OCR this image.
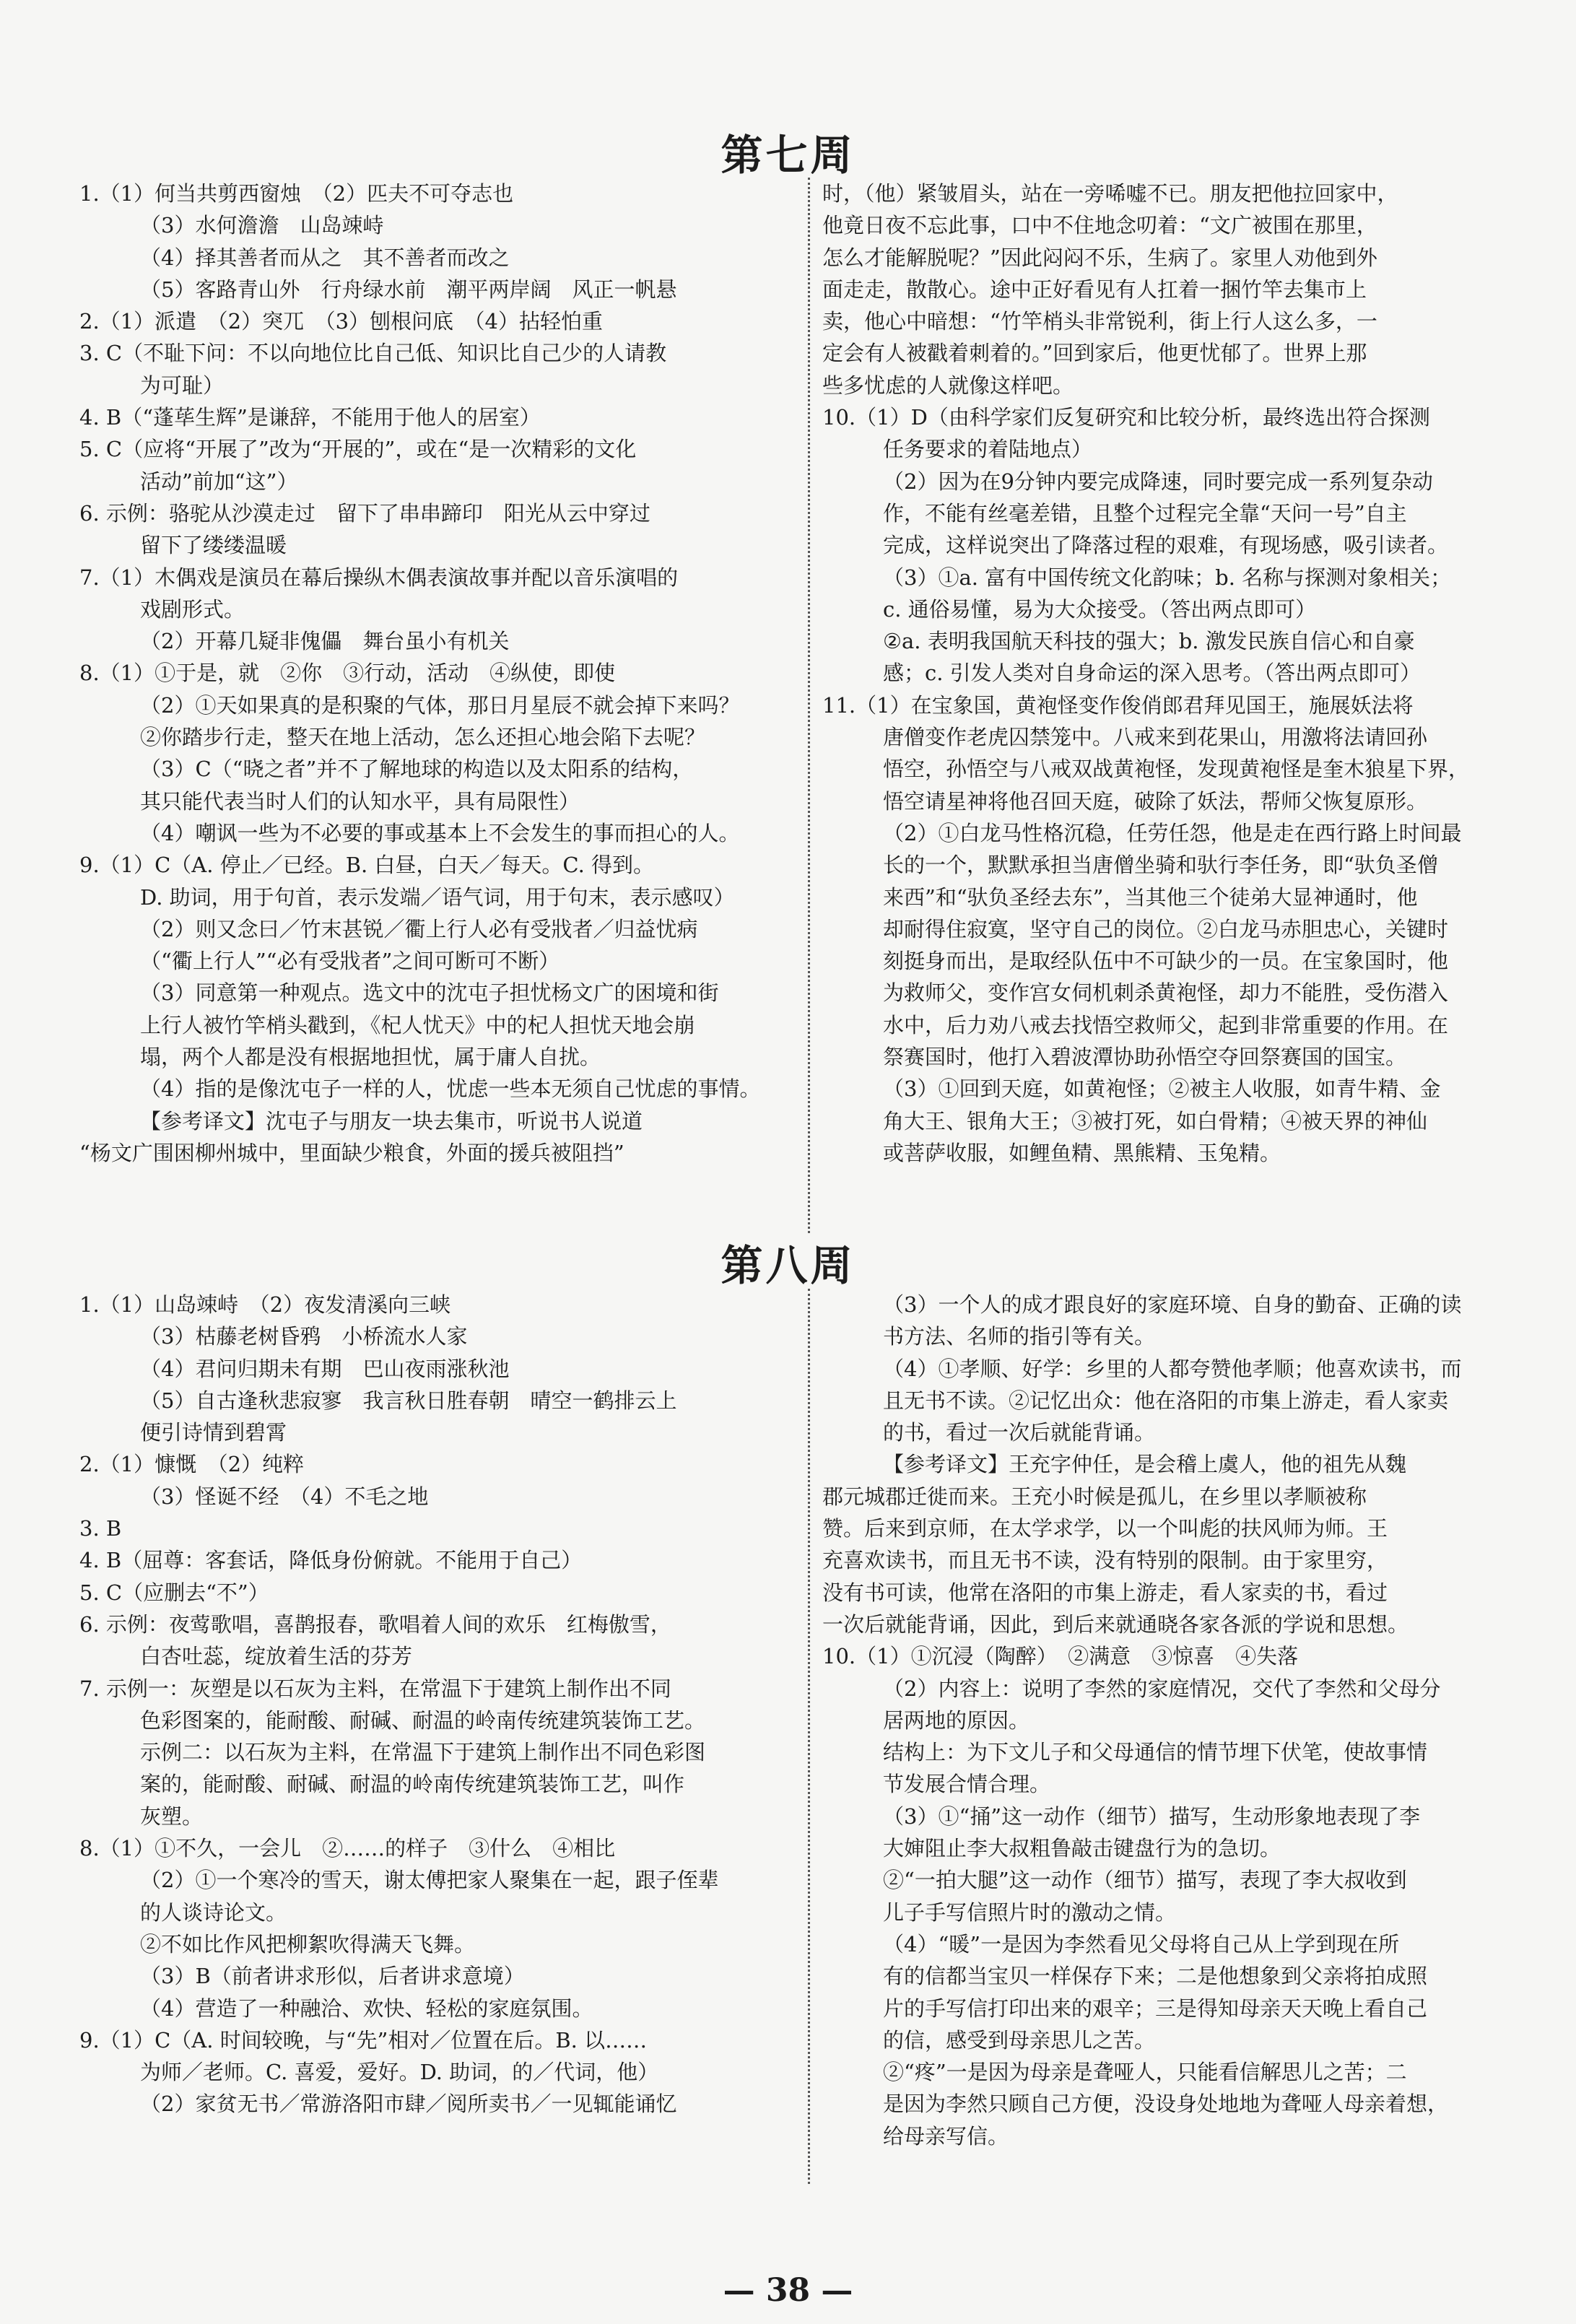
第七周
1.（1）何当共剪西窗烛　（2）匹夫不可夺志也
（3）水何澹澹　山岛竦峙
（4）择其善者而从之　其不善者而改之
（5）客路青山外　行舟绿水前　潮平两岸阔　风正一帆悬
2.（1）派遣　（2）突兀　（3）刨根问底　（4）拈轻怕重
3. C（不耻下问：不以向地位比自己低、知识比自己少的人请教
为可耻）
4. B（“蓬荜生辉”是谦辞，不能用于他人的居室）
5. C（应将“开展了”改为“开展的”，或在“是一次精彩的文化
活动”前加“这”）
6. 示例：骆驼从沙漠走过　留下了串串蹄印　阳光从云中穿过
留下了缕缕温暖
7.（1）木偶戏是演员在幕后操纵木偶表演故事并配以音乐演唱的
戏剧形式。
（2）开幕几疑非傀儡　舞台虽小有机关
8.（1）①于是，就　②你　③行动，活动　④纵使，即使
（2）①天如果真的是积聚的气体，那日月星辰不就会掉下来吗？
②你踏步行走，整天在地上活动，怎么还担心地会陷下去呢？
（3）C（“晓之者”并不了解地球的构造以及太阳系的结构，
其只能代表当时人们的认知水平，具有局限性）
（4）嘲讽一些为不必要的事或基本上不会发生的事而担心的人。
9.（1）C（A. 停止／已经。B. 白昼，白天／每天。C. 得到。
D. 助词，用于句首，表示发端／语气词，用于句末，表示感叹）
（2）则又念曰／竹末甚锐／衢上行人必有受戕者／归益忧病
（“衢上行人”“必有受戕者”之间可断可不断）
（3）同意第一种观点。选文中的沈屯子担忧杨文广的困境和街
上行人被竹竿梢头戳到，《杞人忧天》中的杞人担忧天地会崩
塌，两个人都是没有根据地担忧，属于庸人自扰。
（4）指的是像沈屯子一样的人，忧虑一些本无须自己忧虑的事情。
【参考译文】沈屯子与朋友一块去集市，听说书人说道
“杨文广围困柳州城中，里面缺少粮食，外面的援兵被阻挡”
时，（他）紧皱眉头，站在一旁唏嘘不已。朋友把他拉回家中，
他竟日夜不忘此事，口中不住地念叨着：“文广被围在那里，
怎么才能解脱呢？”因此闷闷不乐，生病了。家里人劝他到外
面走走，散散心。途中正好看见有人扛着一捆竹竿去集市上
卖，他心中暗想：“竹竿梢头非常锐利，街上行人这么多，一
定会有人被戳着刺着的。”回到家后，他更忧郁了。世界上那
些多忧虑的人就像这样吧。
10.（1）D（由科学家们反复研究和比较分析，最终选出符合探测
任务要求的着陆地点）
（2）因为在9分钟内要完成降速，同时要完成一系列复杂动
作，不能有丝毫差错，且整个过程完全靠“天问一号”自主
完成，这样说突出了降落过程的艰难，有现场感，吸引读者。
（3）①a. 富有中国传统文化韵味；b. 名称与探测对象相关；
c. 通俗易懂，易为大众接受。（答出两点即可）
②a. 表明我国航天科技的强大；b. 激发民族自信心和自豪
感；c. 引发人类对自身命运的深入思考。（答出两点即可）
11.（1）在宝象国，黄袍怪变作俊俏郎君拜见国王，施展妖法将
唐僧变作老虎囚禁笼中。八戒来到花果山，用激将法请回孙
悟空，孙悟空与八戒双战黄袍怪，发现黄袍怪是奎木狼星下界，
悟空请星神将他召回天庭，破除了妖法，帮师父恢复原形。
（2）①白龙马性格沉稳，任劳任怨，他是走在西行路上时间最
长的一个，默默承担当唐僧坐骑和驮行李任务，即“驮负圣僧
来西”和“驮负圣经去东”，当其他三个徒弟大显神通时，他
却耐得住寂寞，坚守自己的岗位。②白龙马赤胆忠心，关键时
刻挺身而出，是取经队伍中不可缺少的一员。在宝象国时，他
为救师父，变作宫女伺机刺杀黄袍怪，却力不能胜，受伤潜入
水中，后力劝八戒去找悟空救师父，起到非常重要的作用。在
祭赛国时，他打入碧波潭协助孙悟空夺回祭赛国的国宝。
（3）①回到天庭，如黄袍怪；②被主人收服，如青牛精、金
角大王、银角大王；③被打死，如白骨精；④被天界的神仙
或菩萨收服，如鲤鱼精、黑熊精、玉兔精。
第八周
1.（1）山岛竦峙　（2）夜发清溪向三峡
（3）枯藤老树昏鸦　小桥流水人家
（4）君问归期未有期　巴山夜雨涨秋池
（5）自古逢秋悲寂寥　我言秋日胜春朝　晴空一鹤排云上
便引诗情到碧霄
2.（1）慷慨　（2）纯粹
（3）怪诞不经　（4）不毛之地
3. B
4. B（屈尊：客套话，降低身份俯就。不能用于自己）
5. C（应删去“不”）
6. 示例：夜莺歌唱，喜鹊报春，歌唱着人间的欢乐　红梅傲雪，
白杏吐蕊，绽放着生活的芬芳
7. 示例一：灰塑是以石灰为主料，在常温下于建筑上制作出不同
色彩图案的，能耐酸、耐碱、耐温的岭南传统建筑装饰工艺。
示例二：以石灰为主料，在常温下于建筑上制作出不同色彩图
案的，能耐酸、耐碱、耐温的岭南传统建筑装饰工艺，叫作
灰塑。
8.（1）①不久，一会儿　②……的样子　③什么　④相比
（2）①一个寒冷的雪天，谢太傅把家人聚集在一起，跟子侄辈
的人谈诗论文。
②不如比作风把柳絮吹得满天飞舞。
（3）B（前者讲求形似，后者讲求意境）
（4）营造了一种融洽、欢快、轻松的家庭氛围。
9.（1）C（A. 时间较晚，与“先”相对／位置在后。B. 以……
为师／老师。C. 喜爱，爱好。D. 助词，的／代词，他）
（2）家贫无书／常游洛阳市肆／阅所卖书／一见辄能诵忆
（3）一个人的成才跟良好的家庭环境、自身的勤奋、正确的读
书方法、名师的指引等有关。
（4）①孝顺、好学：乡里的人都夸赞他孝顺；他喜欢读书，而
且无书不读。②记忆出众：他在洛阳的市集上游走，看人家卖
的书，看过一次后就能背诵。
【参考译文】王充字仲任，是会稽上虞人，他的祖先从魏
郡元城郡迁徙而来。王充小时候是孤儿，在乡里以孝顺被称
赞。后来到京师，在太学求学，以一个叫彪的扶风师为师。王
充喜欢读书，而且无书不读，没有特别的限制。由于家里穷，
没有书可读，他常在洛阳的市集上游走，看人家卖的书，看过
一次后就能背诵，因此，到后来就通晓各家各派的学说和思想。
10.（1）①沉浸（陶醉）　②满意　③惊喜　④失落
（2）内容上：说明了李然的家庭情况，交代了李然和父母分
居两地的原因。
结构上：为下文儿子和父母通信的情节埋下伏笔，使故事情
节发展合情合理。
（3）①“捅”这一动作（细节）描写，生动形象地表现了李
大婶阻止李大叔粗鲁敲击键盘行为的急切。
②“一拍大腿”这一动作（细节）描写，表现了李大叔收到
儿子手写信照片时的激动之情。
（4）“暖”一是因为李然看见父母将自己从上学到现在所
有的信都当宝贝一样保存下来；二是他想象到父亲将拍成照
片的手写信打印出来的艰辛；三是得知母亲天天晚上看自己
的信，感受到母亲思儿之苦。
②“疼”一是因为母亲是聋哑人，只能看信解思儿之苦；二
是因为李然只顾自己方便，没设身处地地为聋哑人母亲着想，
给母亲写信。
— 38 —
